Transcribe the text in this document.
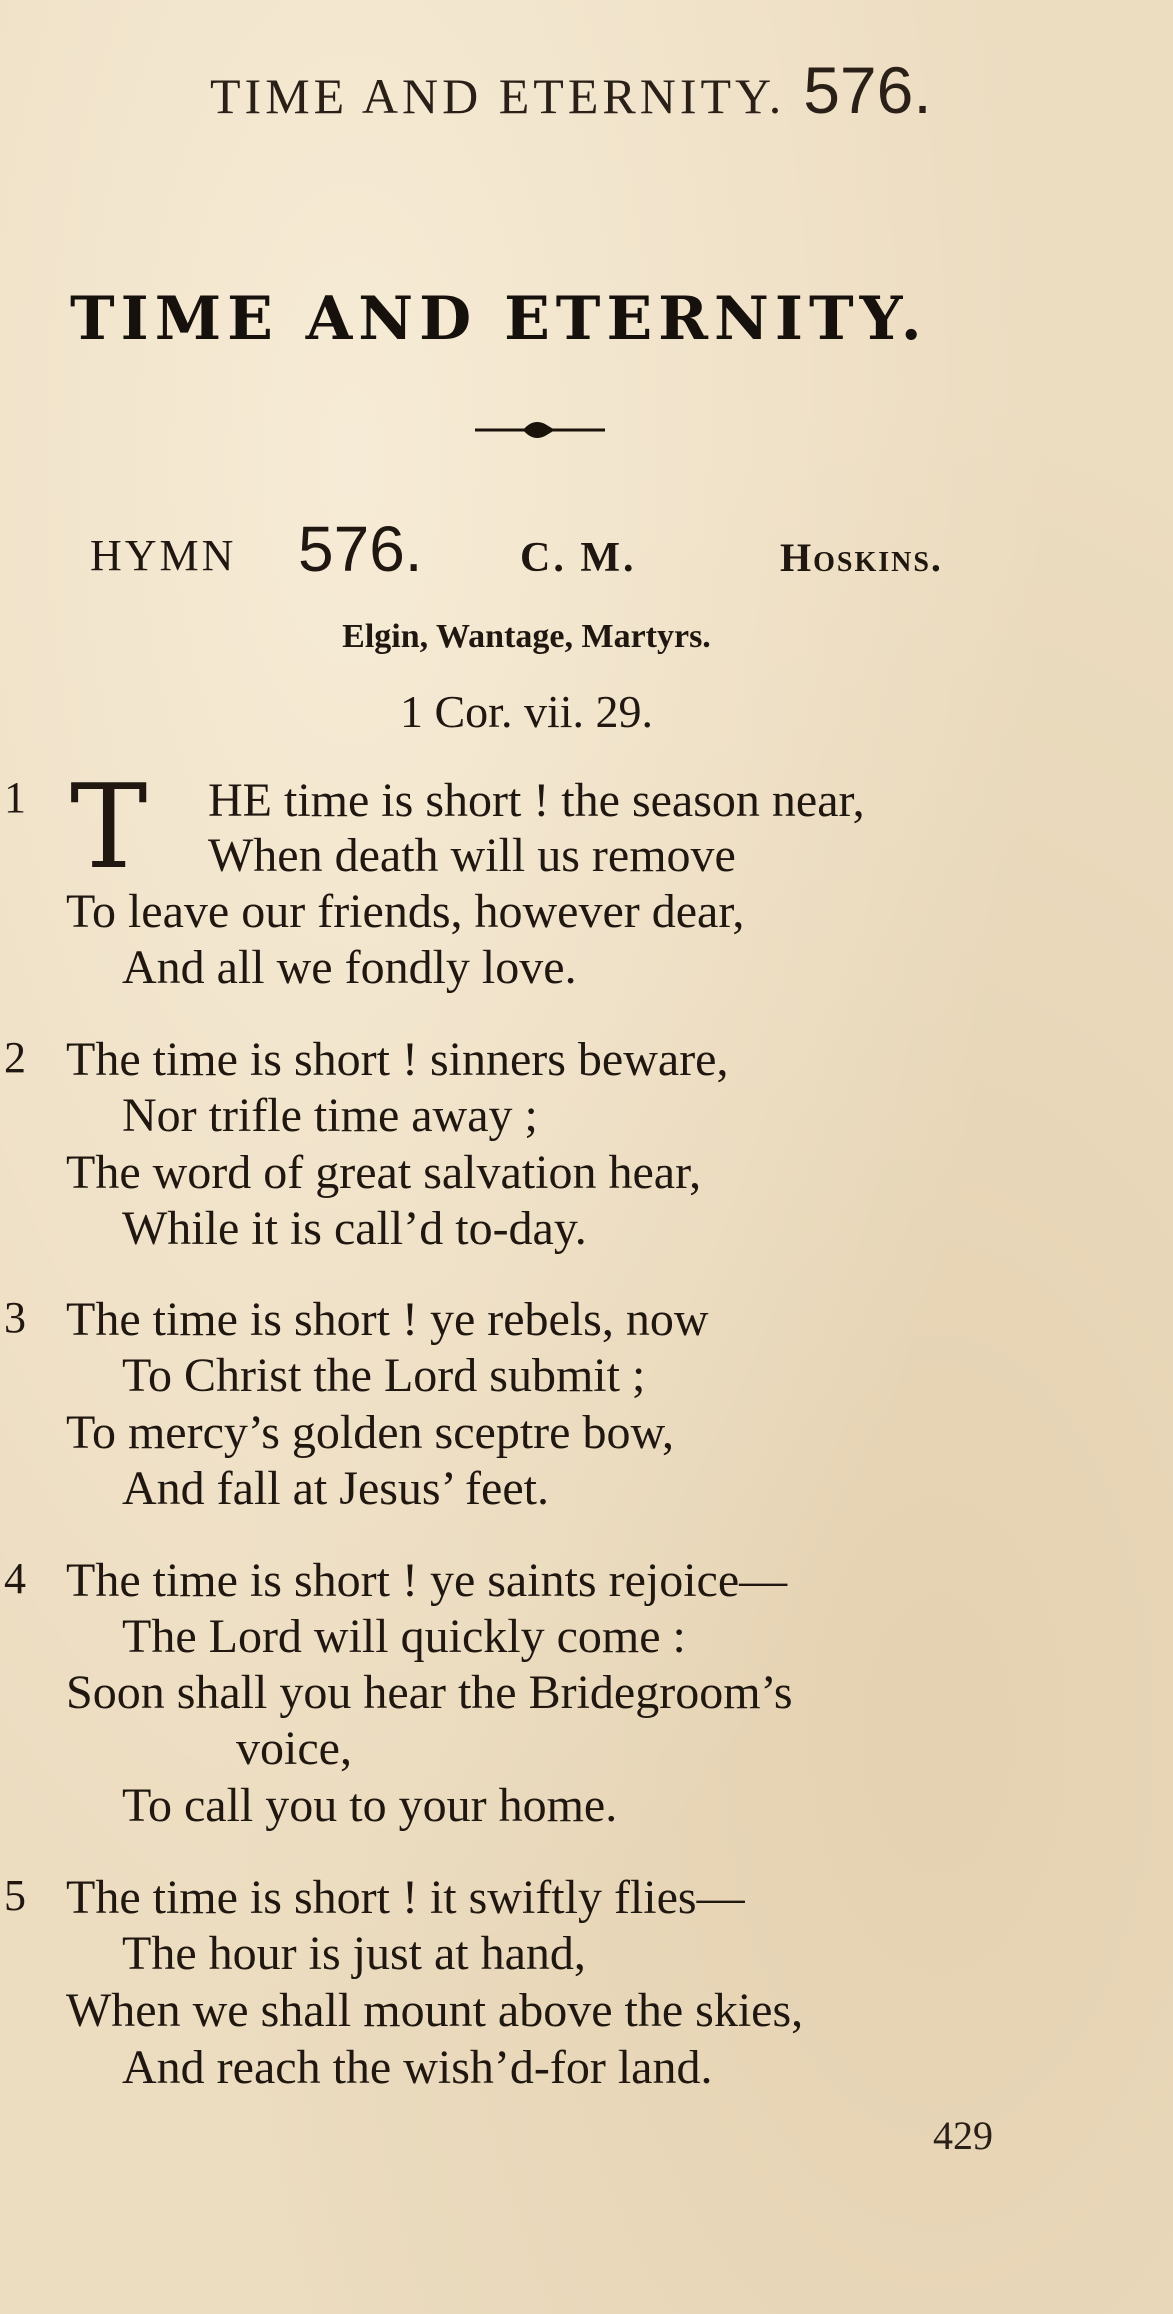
TIME AND ETERNITY. 576.
TIME AND ETERNITY.
HYMN 576. C. M.	Hoskins.
Elgin, Wantage, Martyrs.
1 Cor. vii. 29.
1 T HE time is short ! the season near,
When death will us remove
To leave our friends, however dear,
And all we fondly love.
2 The time is short ! sinners beware,
Nor trifle time away ;
The word of great salvation hear,
While it is call’d to-day.
3 The time is short ! ye rebels, now
To Christ the Lord submit ;
To mercy’s golden sceptre bow,
And fall at Jesus’ feet.
4 The time is short ! ye saints rejoice—
The Lord will quickly come :
Soon shall you hear the Bridegroom’s
voice,
To call you to your home.
5 The time is short ! it swiftly flies—
The hour is just at hand,
When we shall mount above the skies,
And reach the wish’d-for land.
429
